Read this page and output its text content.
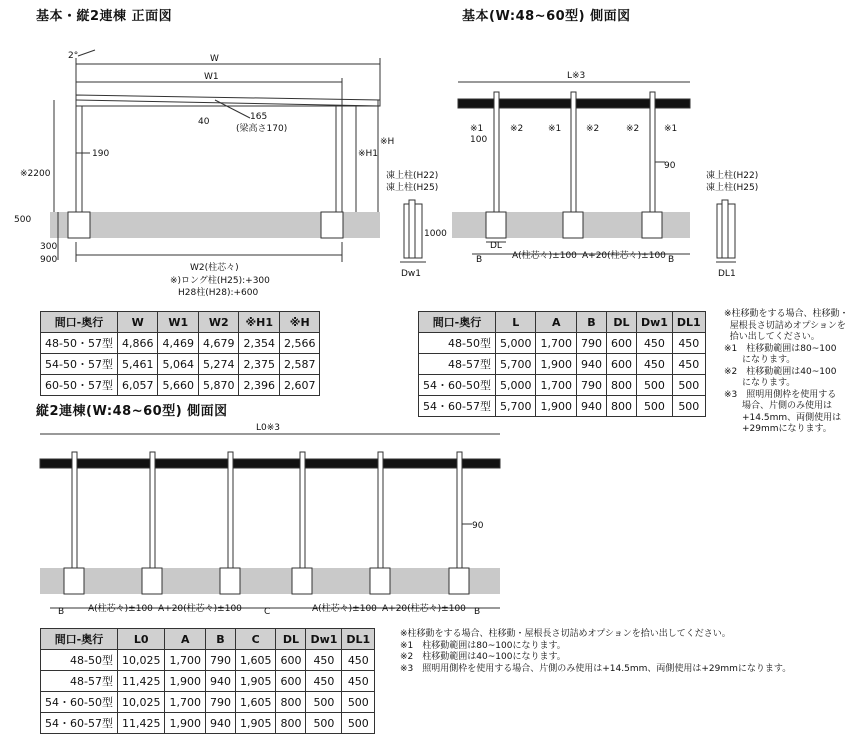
基本・縦2連棟 正面図	基本(W:48~60型) 側面図
縦2連棟(W:48~60型) 側面図
2°	W
W1
165
(梁高さ170)
40
190
※2200
※H1
※H
500
300
900
W2(柱芯々)
※)ロング柱(H25):+300
H28柱(H28):+600
凍上柱(H22)
凍上柱(H25)
1000
Dw1
L※3
※1
100
※2	※1	※2	※2	※1
90
凍上柱(H22)
凍上柱(H25)
DL
B	A(柱芯々)±100 A+20(柱芯々)±100 B
DL1
L0※3
90
B	A(柱芯々)±100 A+20(柱芯々)±100 C	A(柱芯々)±100 A+20(柱芯々)±100 B
間口-奥行	W	W1	W2	※H1	※H
48-50・57型	4,866	4,469	4,679	2,354	2,566
54-50・57型	5,461	5,064	5,274	2,375	2,587
60-50・57型	6,057	5,660	5,870	2,396	2,607
間口-奥行	L	A	B	DL	Dw1	DL1
48-50型	5,000	1,700	790	600	450	450
48-57型	5,700	1,900	940	600	450	450
54・60-50型	5,000	1,700	790	800	500	500
54・60-57型	5,700	1,900	940	800	500	500
間口-奥行	L0	A	B	C	DL	Dw1	DL1
48-50型	10,025	1,700	790	1,605	600	450	450
48-57型	11,425	1,900	940	1,905	600	450	450
54・60-50型	10,025	1,700	790	1,605	800	500	500
54・60-57型	11,425	1,900	940	1,905	800	500	500
※柱移動をする場合、柱移動・
屋根長さ切詰めオプションを
拾い出してください。
※1　柱移動範囲は80~100
　　になります。
※2　柱移動範囲は40~100
　　になります。
※3　照明用側枠を使用する
　　場合、片側のみ使用は
　　+14.5mm、両側使用は
　　+29mmになります。
※柱移動をする場合、柱移動・屋根長さ切詰めオプションを拾い出してください。
※1　柱移動範囲は80~100になります。
※2　柱移動範囲は40~100になります。
※3　照明用側枠を使用する場合、片側のみ使用は+14.5mm、両側使用は+29mmになります。
